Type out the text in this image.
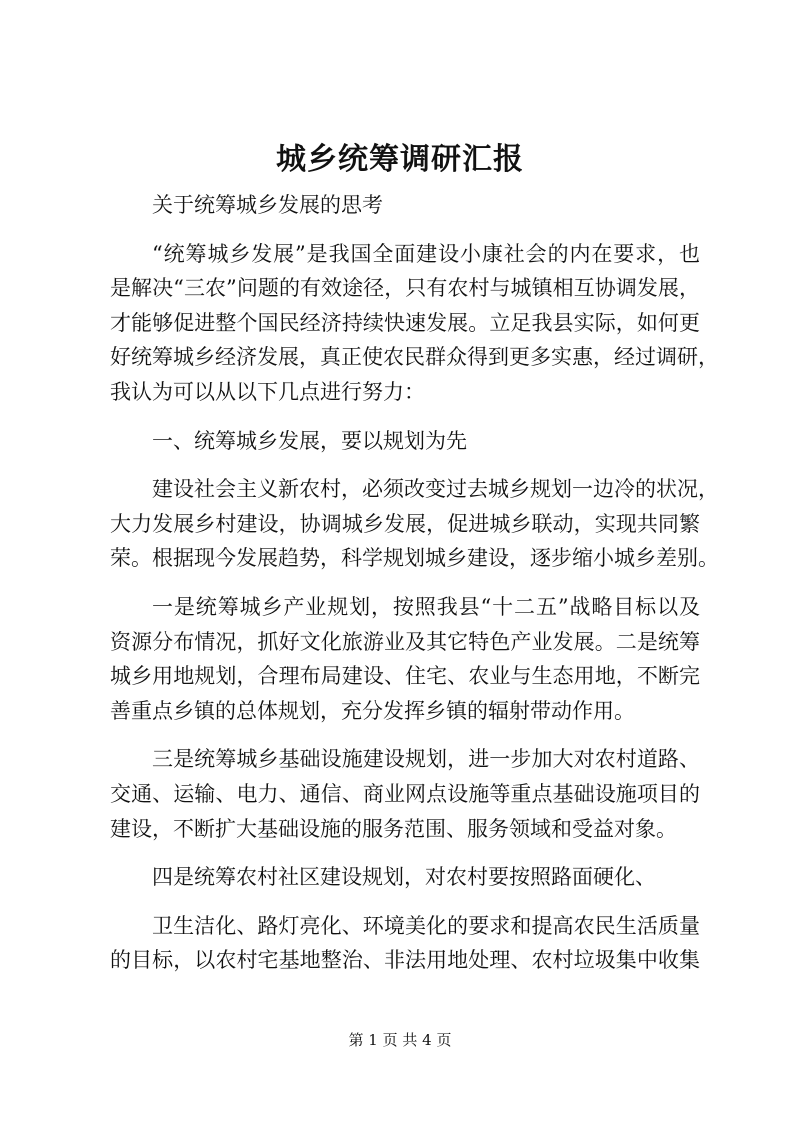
城乡统筹调研汇报
关于统筹城乡发展的思考
“统筹城乡发展”是我国全面建设小康社会的内在要求，也
是解决“三农”问题的有效途径，只有农村与城镇相互协调发展，
才能够促进整个国民经济持续快速发展。立足我县实际，如何更
好统筹城乡经济发展，真正使农民群众得到更多实惠，经过调研，
我认为可以从以下几点进行努力：
一、统筹城乡发展，要以规划为先
建设社会主义新农村，必须改变过去城乡规划一边冷的状况，
大力发展乡村建设，协调城乡发展，促进城乡联动，实现共同繁
荣。根据现今发展趋势，科学规划城乡建设，逐步缩小城乡差别。
一是统筹城乡产业规划，按照我县“十二五”战略目标以及
资源分布情况，抓好文化旅游业及其它特色产业发展。二是统筹
城乡用地规划，合理布局建设、住宅、农业与生态用地，不断完
善重点乡镇的总体规划，充分发挥乡镇的辐射带动作用。
三是统筹城乡基础设施建设规划，进一步加大对农村道路、
交通、运输、电力、通信、商业网点设施等重点基础设施项目的
建设，不断扩大基础设施的服务范围、服务领域和受益对象。
四是统筹农村社区建设规划，对农村要按照路面硬化、
卫生洁化、路灯亮化、环境美化的要求和提高农民生活质量
的目标，以农村宅基地整治、非法用地处理、农村垃圾集中收集
第 1 页 共 4 页
